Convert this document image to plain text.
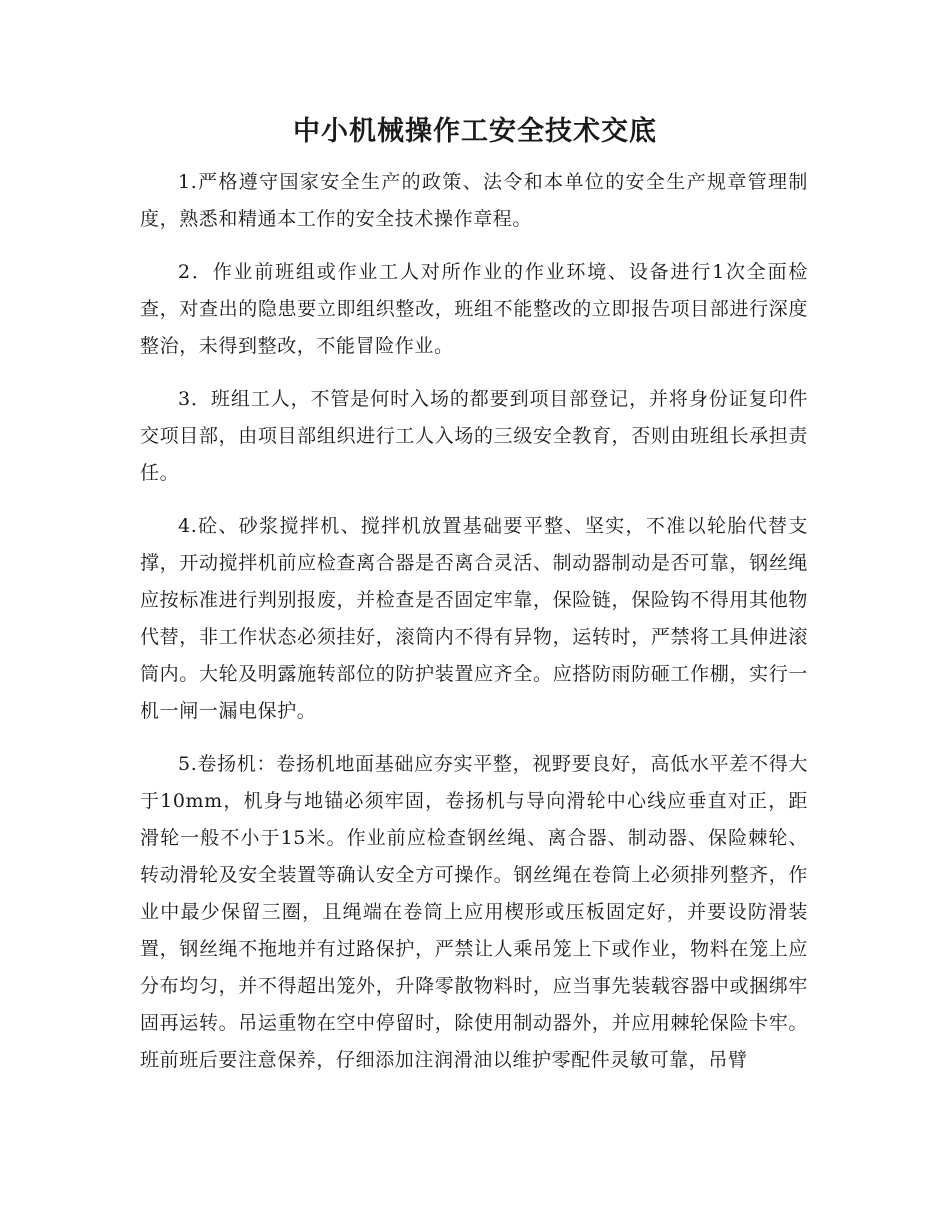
中小机械操作工安全技术交底

1.严格遵守国家安全生产的政策、法令和本单位的安全生产规章管理制度，熟悉和精通本工作的安全技术操作章程。

2．作业前班组或作业工人对所作业的作业环境、设备进行1次全面检查，对查出的隐患要立即组织整改，班组不能整改的立即报告项目部进行深度整治，未得到整改，不能冒险作业。

3．班组工人，不管是何时入场的都要到项目部登记，并将身份证复印件交项目部，由项目部组织进行工人入场的三级安全教育，否则由班组长承担责任。

4.砼、砂浆搅拌机、搅拌机放置基础要平整、坚实，不准以轮胎代替支撑，开动搅拌机前应检查离合器是否离合灵活、制动器制动是否可靠，钢丝绳应按标准进行判别报废，并检查是否固定牢靠，保险链，保险钩不得用其他物代替，非工作状态必须挂好，滚筒内不得有异物，运转时，严禁将工具伸进滚筒内。大轮及明露施转部位的防护装置应齐全。应搭防雨防砸工作棚，实行一机一闸一漏电保护。

5.卷扬机：卷扬机地面基础应夯实平整，视野要良好，高低水平差不得大于10mm，机身与地锚必须牢固，卷扬机与导向滑轮中心线应垂直对正，距滑轮一般不小于15米。作业前应检查钢丝绳、离合器、制动器、保险棘轮、转动滑轮及安全装置等确认安全方可操作。钢丝绳在卷筒上必须排列整齐，作业中最少保留三圈，且绳端在卷筒上应用楔形或压板固定好，并要设防滑装置，钢丝绳不拖地并有过路保护，严禁让人乘吊笼上下或作业，物料在笼上应分布均匀，并不得超出笼外，升降零散物料时，应当事先装载容器中或捆绑牢固再运转。吊运重物在空中停留时，除使用制动器外，并应用棘轮保险卡牢。班前班后要注意保养，仔细添加注润滑油以维护零配件灵敏可靠，吊臂
